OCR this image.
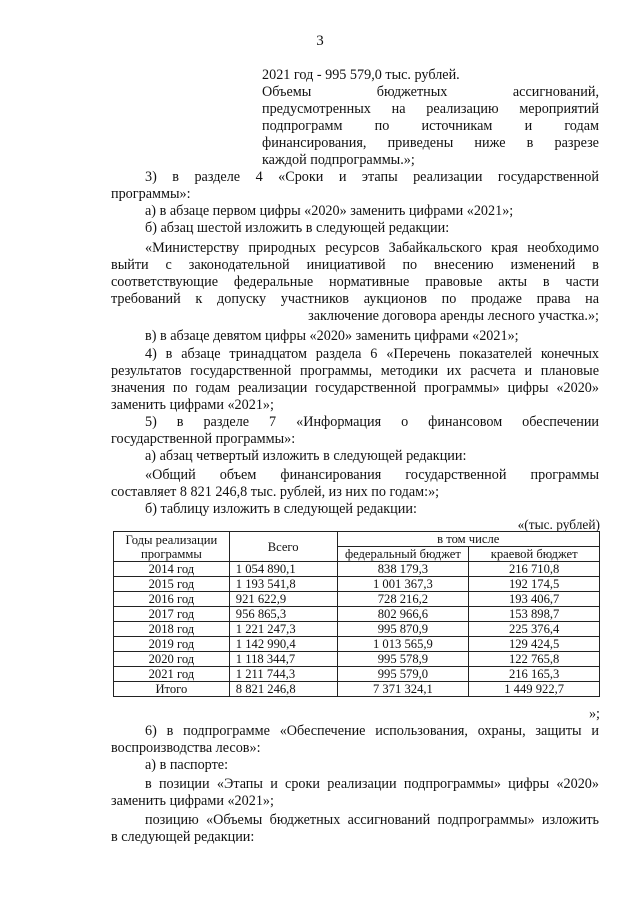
3
2021 год - 995 579,0 тыс. рублей.
Объемы бюджетных ассигнований,
предусмотренных на реализацию мероприятий
подпрограмм по источникам и годам
финансирования, приведены ниже в разрезе
каждой подпрограммы.»;
3) в разделе 4 «Сроки и этапы реализации государственной
программы»:
а) в абзаце первом цифры «2020» заменить цифрами «2021»;
б) абзац шестой изложить в следующей редакции:
«Министерству природных ресурсов Забайкальского края необходимо
выйти с законодательной инициативой по внесению изменений в
соответствующие федеральные нормативные правовые акты в части
требований к допуску участников аукционов по продаже права на
заключение договора аренды лесного участка.»;
в) в абзаце девятом цифры «2020» заменить цифрами «2021»;
4) в абзаце тринадцатом раздела 6 «Перечень показателей конечных
результатов государственной программы, методики их расчета и плановые
значения по годам реализации государственной программы» цифры «2020»
заменить цифрами «2021»;
5) в разделе 7 «Информация о финансовом обеспечении
государственной программы»:
а) абзац четвертый изложить в следующей редакции:
«Общий объем финансирования государственной программы
составляет 8 821 246,8 тыс. рублей, из них по годам:»;
б) таблицу изложить в следующей редакции:
«(тыс. рублей)
Годы реализации программы	Всего	в том числе	
		федеральный бюджет	краевой бюджет
2014 год	1 054 890,1	838 179,3	216 710,8
2015 год	1 193 541,8	1 001 367,3	192 174,5
2016 год	921 622,9	728 216,2	193 406,7
2017 год	956 865,3	802 966,6	153 898,7
2018 год	1 221 247,3	995 870,9	225 376,4
2019 год	1 142 990,4	1 013 565,9	129 424,5
2020 год	1 118 344,7	995 578,9	122 765,8
2021 год	1 211 744,3	995 579,0	216 165,3
Итого	8 821 246,8	7 371 324,1	1 449 922,7
»;
6) в подпрограмме «Обеспечение использования, охраны, защиты и
воспроизводства лесов»:
а) в паспорте:
в позиции «Этапы и сроки реализации подпрограммы» цифры «2020»
заменить цифрами «2021»;
позицию «Объемы бюджетных ассигнований подпрограммы» изложить
в следующей редакции:
